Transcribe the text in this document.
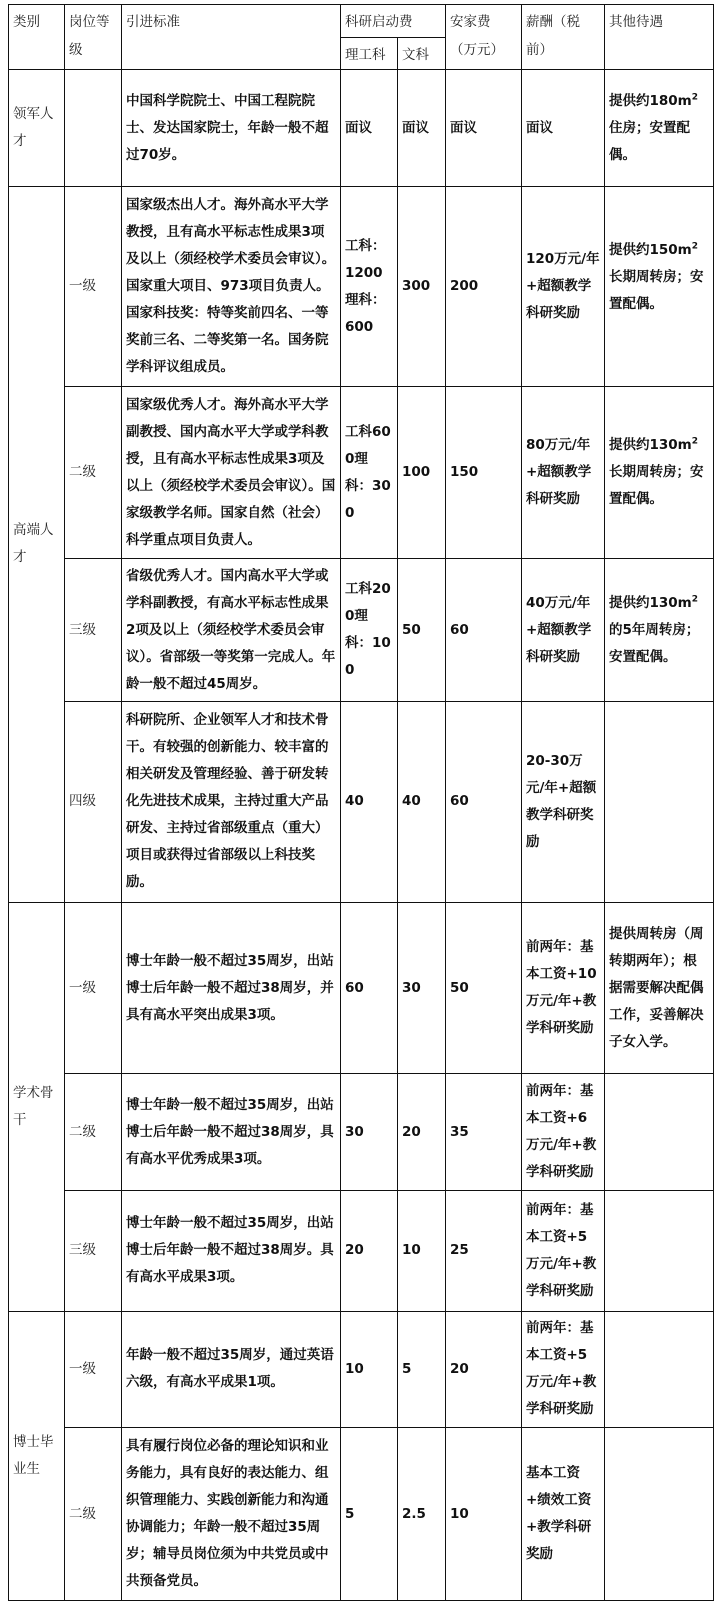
类别	岗位等级	引进标准	科研启动费		安家费（万元）	薪酬（税前）	其他待遇
			理工科	文科			
领军人才		中国科学院院士、中国工程院院士、发达国家院士，年龄一般不超过70岁。	面议	面议	面议	面议	提供约$180m^2$住房；安置配偶。
高端人才	一级	国家级杰出人才。海外高水平大学教授，且有高水平标志性成果3项及以上（须经校学术委员会审议）。国家重大项目、973项目负责人。国家科技奖：特等奖前四名、一等奖前三名、二等奖第一名。国务院学科评议组成员。	工科：1200理科：600	300	200	120万元/年+超额教学科研奖励	提供约$150m^2$长期周转房；安置配偶。
	二级	国家级优秀人才。海外高水平大学副教授、国内高水平大学或学科教授，且有高水平标志性成果3项及以上（须经校学术委员会审议）。国家级教学名师。国家自然（社会）科学重点项目负责人。	工科600理科：300	100	150	80万元/年+超额教学科研奖励	提供约$130m^2$长期周转房；安置配偶。
	三级	省级优秀人才。国内高水平大学或学科副教授，有高水平标志性成果2项及以上（须经校学术委员会审议）。省部级一等奖第一完成人。年龄一般不超过45周岁。	工科200理科：100	50	60	40万元/年+超额教学科研奖励	提供约$130m^2$的5年周转房；安置配偶。
	四级	科研院所、企业领军人才和技术骨干。有较强的创新能力、较丰富的相关研发及管理经验、善于研发转化先进技术成果，主持过重大产品研发、主持过省部级重点（重大）项目或获得过省部级以上科技奖励。	40	40	60	20-30万元/年+超额教学科研奖励	
学术骨干	一级	博士年龄一般不超过35周岁，出站博士后年龄一般不超过38周岁，并具有高水平突出成果3项。	60	30	50	前两年：基本工资+10万元/年+教学科研奖励	提供周转房（周转期两年）；根据需要解决配偶工作，妥善解决子女入学。
	二级	博士年龄一般不超过35周岁，出站博士后年龄一般不超过38周岁，具有高水平优秀成果3项。	30	20	35	前两年：基本工资+6万元/年+教学科研奖励	
	三级	博士年龄一般不超过35周岁，出站博士后年龄一般不超过38周岁。具有高水平成果3项。	20	10	25	前两年：基本工资+5万元/年+教学科研奖励	
博士毕业生	一级	年龄一般不超过35周岁，通过英语六级，有高水平成果1项。	10	5	20	前两年：基本工资+5万元/年+教学科研奖励	
	二级	具有履行岗位必备的理论知识和业务能力，具有良好的表达能力、组织管理能力、实践创新能力和沟通协调能力；年龄一般不超过35周岁；辅导员岗位须为中共党员或中共预备党员。	5	2.5	10	基本工资+绩效工资+教学科研奖励	
